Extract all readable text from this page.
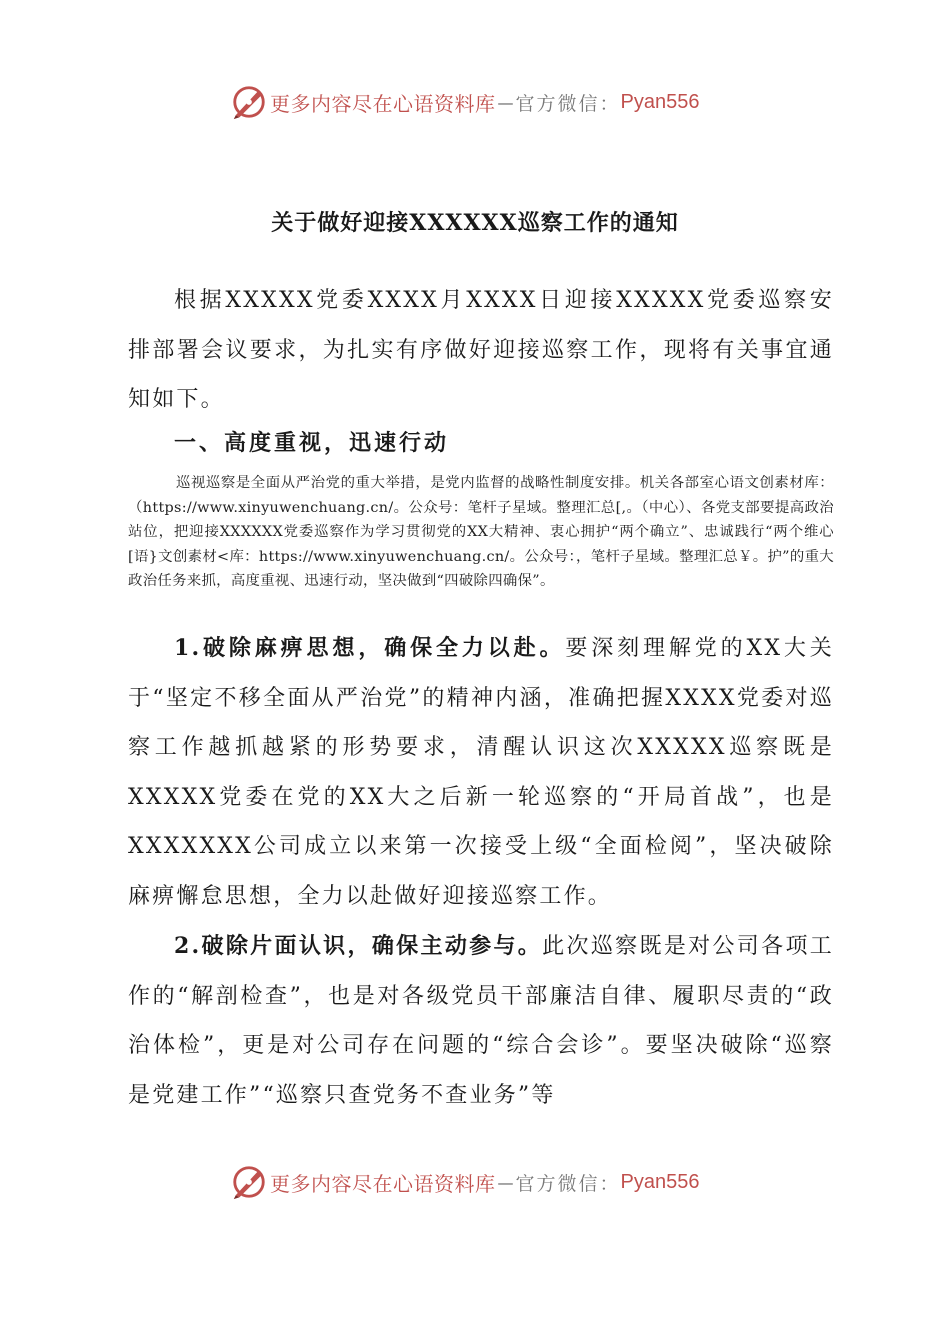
更多内容尽在心语资料库 — 官方微信： Pyan556
关于做好迎接XXXXXX巡察工作的通知
根据XXXXX党委XXXX月XXXX日迎接XXXXX党委巡察安排部署会议要求，为扎实有序做好迎接巡察工作，现将有关事宜通知如下。
一、高度重视，迅速行动
巡视巡察是全面从严治党的重大举措，是党内监督的战略性制度安排。机关各部室心语文创素材库：（https://www.xinyuwenchuang.cn/。公众号：笔杆子星域。整理汇总[,。（中心）、各党支部要提高政治站位，把迎接XXXXXX党委巡察作为学习贯彻党的XX大精神、衷心拥护“两个确立”、忠诚践行“两个维心[语}文创素材<库：https://www.xinyuwenchuang.cn/。公众号：，笔杆子星域。整理汇总￥。护”的重大政治任务来抓，高度重视、迅速行动，坚决做到“四破除四确保”。
1.破除麻痹思想，确保全力以赴。要深刻理解党的XX大关于“坚定不移全面从严治党”的精神内涵，准确把握XXXX党委对巡察工作越抓越紧的形势要求，清醒认识这次XXXXX巡察既是XXXXX党委在党的XX大之后新一轮巡察的“开局首战”，也是XXXXXXX公司成立以来第一次接受上级“全面检阅”，坚决破除麻痹懈怠思想，全力以赴做好迎接巡察工作。
2.破除片面认识，确保主动参与。此次巡察既是对公司各项工作的“解剖检查”，也是对各级党员干部廉洁自律、履职尽责的“政治体检”，更是对公司存在问题的“综合会诊”。要坚决破除“巡察是党建工作”“巡察只查党务不查业务”等
更多内容尽在心语资料库 — 官方微信： Pyan556
